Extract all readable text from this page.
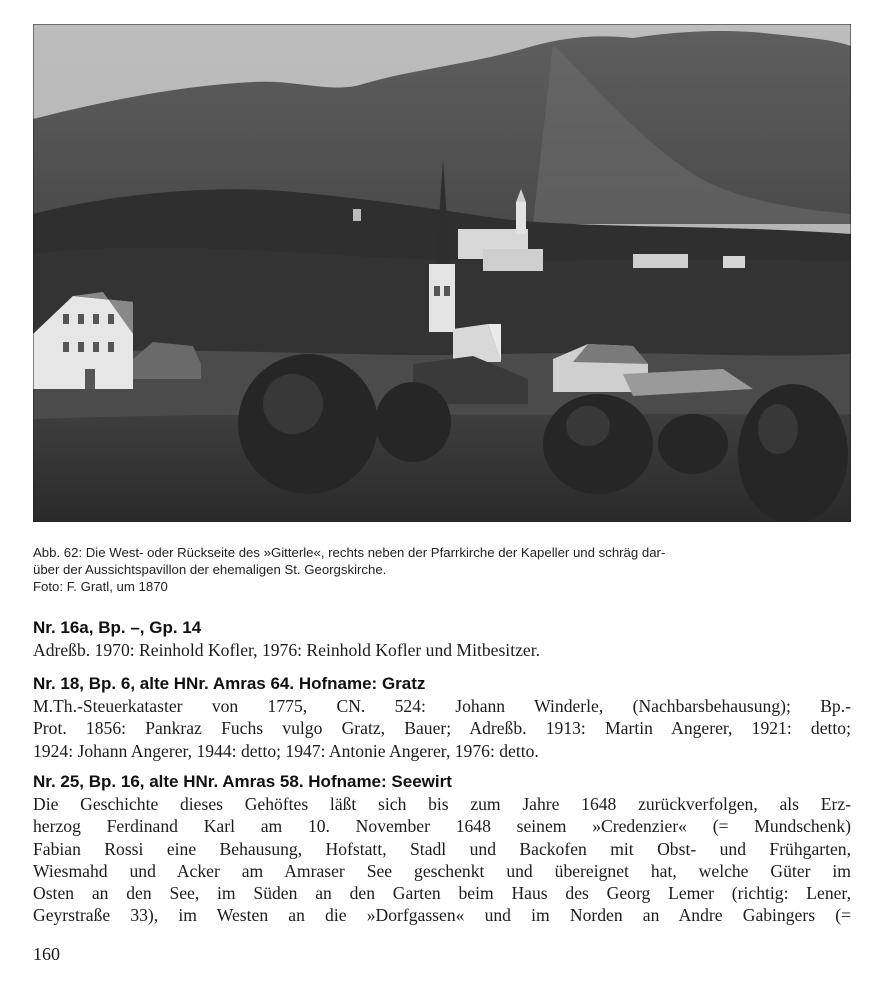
Abb. 62: Die West- oder Rückseite des »Gitterle«, rechts neben der Pfarrkirche der Kapeller und schräg dar-
über der Aussichtspavillon der ehemaligen St. Georgskirche.
Foto: F. Gratl, um 1870
Nr. 16a, Bp. –, Gp. 14
Adreßb. 1970: Reinhold Kofler, 1976: Reinhold Kofler und Mitbesitzer.
Nr. 18, Bp. 6, alte HNr. Amras 64. Hofname: Gratz
M.Th.-Steuerkataster von 1775, CN. 524: Johann Winderle, (Nachbarsbehausung); Bp.-
Prot. 1856: Pankraz Fuchs vulgo Gratz, Bauer; Adreßb. 1913: Martin Angerer, 1921: detto;
1924: Johann Angerer, 1944: detto; 1947: Antonie Angerer, 1976: detto.
Nr. 25, Bp. 16, alte HNr. Amras 58. Hofname: Seewirt
Die Geschichte dieses Gehöftes läßt sich bis zum Jahre 1648 zurückverfolgen, als Erz-
herzog Ferdinand Karl am 10. November 1648 seinem »Credenzier« (= Mundschenk)
Fabian Rossi eine Behausung, Hofstatt, Stadl und Backofen mit Obst- und Frühgarten,
Wiesmahd und Acker am Amraser See geschenkt und übereignet hat, welche Güter im
Osten an den See, im Süden an den Garten beim Haus des Georg Lemer (richtig: Lener,
Geyrstraße 33), im Westen an die »Dorfgassen« und im Norden an Andre Gabingers (=
160
